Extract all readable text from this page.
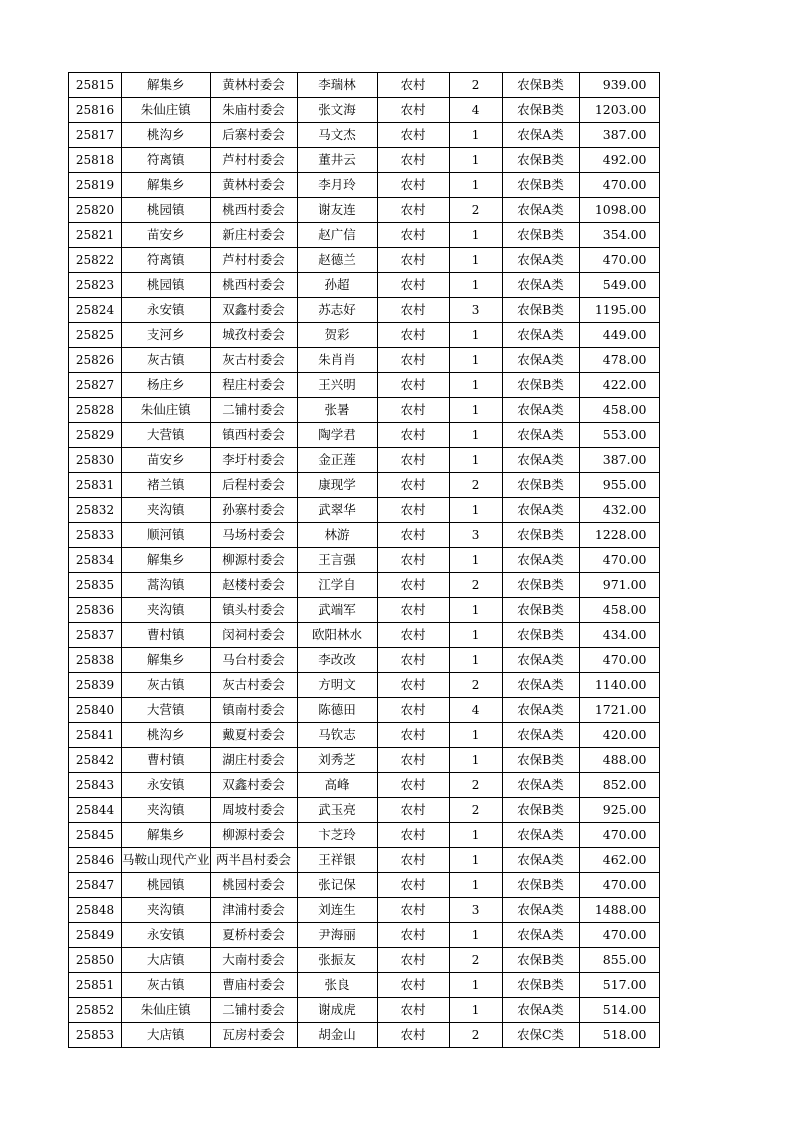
25815	解集乡	黄林村委会	李瑞林	农村	2	农保B类	939.00
25816	朱仙庄镇	朱庙村委会	张文海	农村	4	农保B类	1203.00
25817	桃沟乡	后寨村委会	马文杰	农村	1	农保A类	387.00
25818	符离镇	芦村村委会	董井云	农村	1	农保B类	492.00
25819	解集乡	黄林村委会	李月玲	农村	1	农保B类	470.00
25820	桃园镇	桃西村委会	谢友连	农村	2	农保A类	1098.00
25821	苗安乡	新庄村委会	赵广信	农村	1	农保B类	354.00
25822	符离镇	芦村村委会	赵德兰	农村	1	农保A类	470.00
25823	桃园镇	桃西村委会	孙超	农村	1	农保A类	549.00
25824	永安镇	双鑫村委会	苏志好	农村	3	农保B类	1195.00
25825	支河乡	城孜村委会	贺彩	农村	1	农保A类	449.00
25826	灰古镇	灰古村委会	朱肖肖	农村	1	农保A类	478.00
25827	杨庄乡	程庄村委会	王兴明	农村	1	农保B类	422.00
25828	朱仙庄镇	二铺村委会	张暑	农村	1	农保A类	458.00
25829	大营镇	镇西村委会	陶学君	农村	1	农保A类	553.00
25830	苗安乡	李圩村委会	金正莲	农村	1	农保A类	387.00
25831	褚兰镇	后程村委会	康现学	农村	2	农保B类	955.00
25832	夹沟镇	孙寨村委会	武翠华	农村	1	农保A类	432.00
25833	顺河镇	马场村委会	林游	农村	3	农保B类	1228.00
25834	解集乡	柳源村委会	王言强	农村	1	农保A类	470.00
25835	蒿沟镇	赵楼村委会	江学自	农村	2	农保B类	971.00
25836	夹沟镇	镇头村委会	武端军	农村	1	农保B类	458.00
25837	曹村镇	闵祠村委会	欧阳林水	农村	1	农保B类	434.00
25838	解集乡	马台村委会	李改改	农村	1	农保A类	470.00
25839	灰古镇	灰古村委会	方明文	农村	2	农保A类	1140.00
25840	大营镇	镇南村委会	陈德田	农村	4	农保A类	1721.00
25841	桃沟乡	戴夏村委会	马钦志	农村	1	农保A类	420.00
25842	曹村镇	湖庄村委会	刘秀芝	农村	1	农保B类	488.00
25843	永安镇	双鑫村委会	高峰	农村	2	农保A类	852.00
25844	夹沟镇	周坡村委会	武玉亮	农村	2	农保B类	925.00
25845	解集乡	柳源村委会	卞芝玲	农村	1	农保A类	470.00
25846	马鞍山现代产业	两半昌村委会	王祥银	农村	1	农保A类	462.00
25847	桃园镇	桃园村委会	张记保	农村	1	农保B类	470.00
25848	夹沟镇	津浦村委会	刘连生	农村	3	农保A类	1488.00
25849	永安镇	夏桥村委会	尹海丽	农村	1	农保A类	470.00
25850	大店镇	大南村委会	张振友	农村	2	农保B类	855.00
25851	灰古镇	曹庙村委会	张良	农村	1	农保B类	517.00
25852	朱仙庄镇	二铺村委会	谢成虎	农村	1	农保A类	514.00
25853	大店镇	瓦房村委会	胡金山	农村	2	农保C类	518.00
